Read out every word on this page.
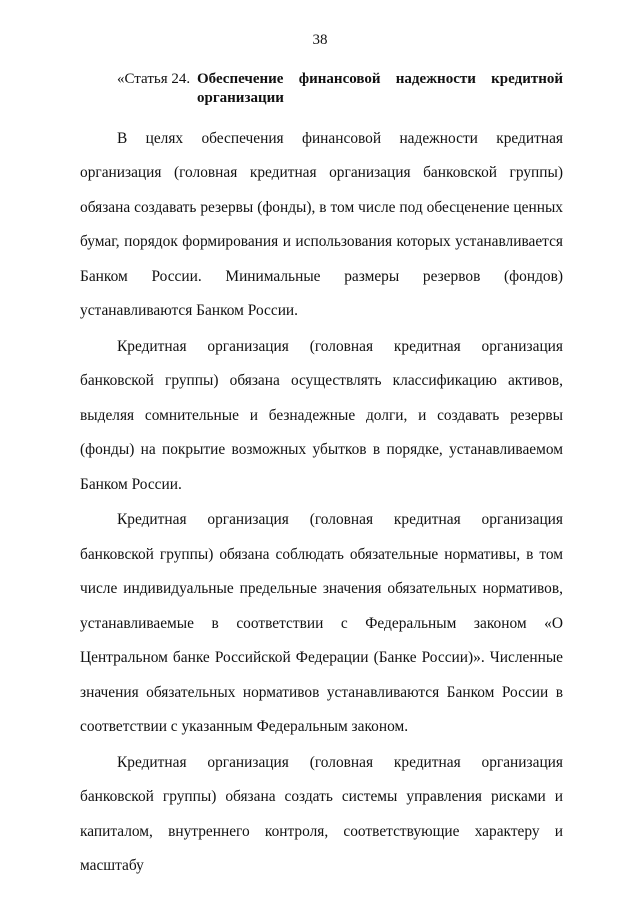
38
«Статья 24. Обеспечение финансовой надежности кредитной организации

В целях обеспечения финансовой надежности кредитная организация (головная кредитная организация банковской группы) обязана создавать резервы (фонды), в том числе под обесценение ценных бумаг, порядок формирования и использования которых устанавливается Банком России. Минимальные размеры резервов (фондов) устанавливаются Банком России.

Кредитная организация (головная кредитная организация банковской группы) обязана осуществлять классификацию активов, выделяя сомнительные и безнадежные долги, и создавать резервы (фонды) на покрытие возможных убытков в порядке, устанавливаемом Банком России.

Кредитная организация (головная кредитная организация банковской группы) обязана соблюдать обязательные нормативы, в том числе индивидуальные предельные значения обязательных нормативов, устанавливаемые в соответствии с Федеральным законом «О Центральном банке Российской Федерации (Банке России)». Численные значения обязательных нормативов устанавливаются Банком России в соответствии с указанным Федеральным законом.

Кредитная организация (головная кредитная организация банковской группы) обязана создать системы управления рисками и капиталом, внутреннего контроля, соответствующие характеру и масштабу
